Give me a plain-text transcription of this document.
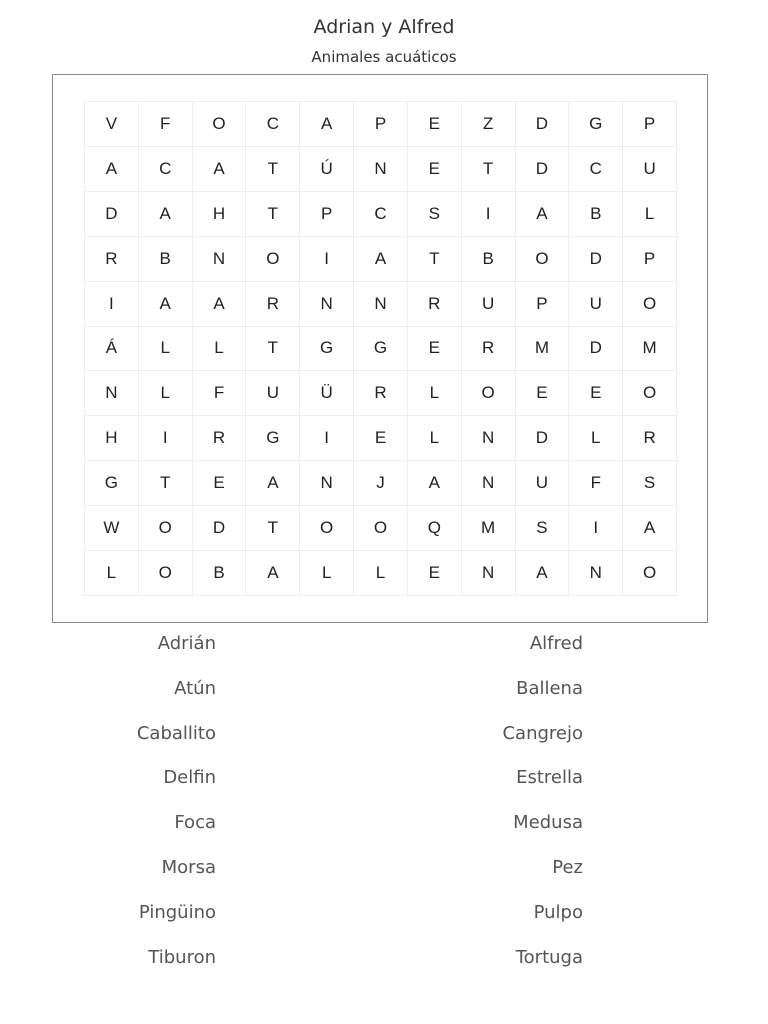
Adrian y Alfred
Animales acuáticos
V	F	O	C	A	P	E	Z	D	G	P
A	C	A	T	Ú	N	E	T	D	C	U
D	A	H	T	P	C	S	I	A	B	L
R	B	N	O	I	A	T	B	O	D	P
I	A	A	R	N	N	R	U	P	U	O
Á	L	L	T	G	G	E	R	M	D	M
N	L	F	U	Ü	R	L	O	E	E	O
H	I	R	G	I	E	L	N	D	L	R
G	T	E	A	N	J	A	N	U	F	S
W	O	D	T	O	O	Q	M	S	I	A
L	O	B	A	L	L	E	N	A	N	O
Adrián
Atún
Caballito
Delfin
Foca
Morsa
Pingüino
Tiburon
Alfred
Ballena
Cangrejo
Estrella
Medusa
Pez
Pulpo
Tortuga
